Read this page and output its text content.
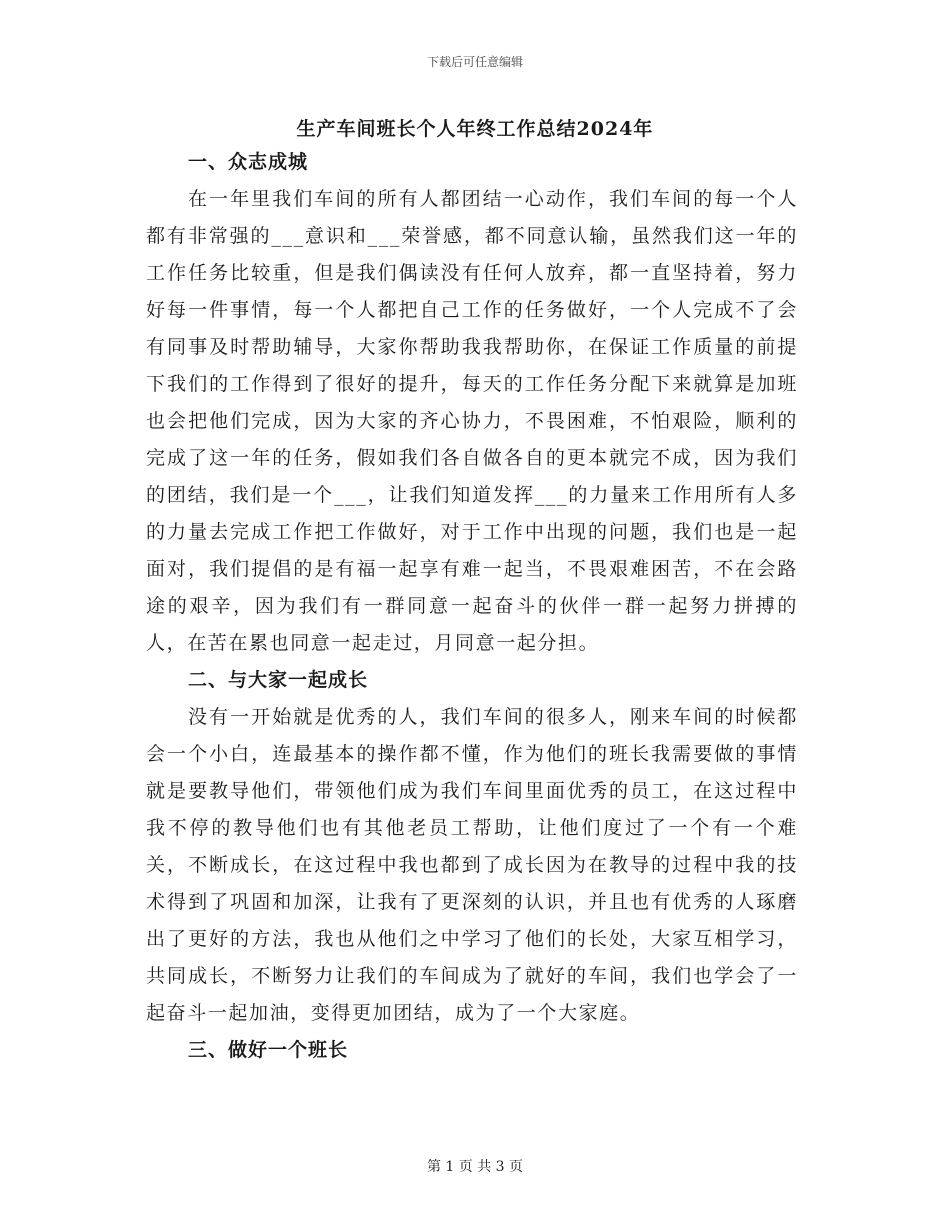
下载后可任意编辑
生产车间班长个人年终工作总结2024年
一、众志成城

在一年里我们车间的所有人都团结一心动作，我们车间的每一个人都有非常强的___意识和___荣誉感，都不同意认输，虽然我们这一年的工作任务比较重，但是我们偶读没有任何人放弃，都一直坚持着，努力好每一件事情，每一个人都把自己工作的任务做好，一个人完成不了会有同事及时帮助辅导，大家你帮助我我帮助你，在保证工作质量的前提下我们的工作得到了很好的提升，每天的工作任务分配下来就算是加班也会把他们完成，因为大家的齐心协力，不畏困难，不怕艰险，顺利的完成了这一年的任务，假如我们各自做各自的更本就完不成，因为我们的团结，我们是一个___，让我们知道发挥___的力量来工作用所有人多的力量去完成工作把工作做好，对于工作中出现的问题，我们也是一起面对，我们提倡的是有福一起享有难一起当，不畏艰难困苦，不在会路途的艰辛，因为我们有一群同意一起奋斗的伙伴一群一起努力拼搏的人，在苦在累也同意一起走过，月同意一起分担。

二、与大家一起成长

没有一开始就是优秀的人，我们车间的很多人，刚来车间的时候都会一个小白，连最基本的操作都不懂，作为他们的班长我需要做的事情就是要教导他们，带领他们成为我们车间里面优秀的员工，在这过程中我不停的教导他们也有其他老员工帮助，让他们度过了一个有一个难关，不断成长，在这过程中我也都到了成长因为在教导的过程中我的技术得到了巩固和加深，让我有了更深刻的认识，并且也有优秀的人琢磨出了更好的方法，我也从他们之中学习了他们的长处，大家互相学习，共同成长，不断努力让我们的车间成为了就好的车间，我们也学会了一起奋斗一起加油，变得更加团结，成为了一个大家庭。

三、做好一个班长
第 1 页 共 3 页
